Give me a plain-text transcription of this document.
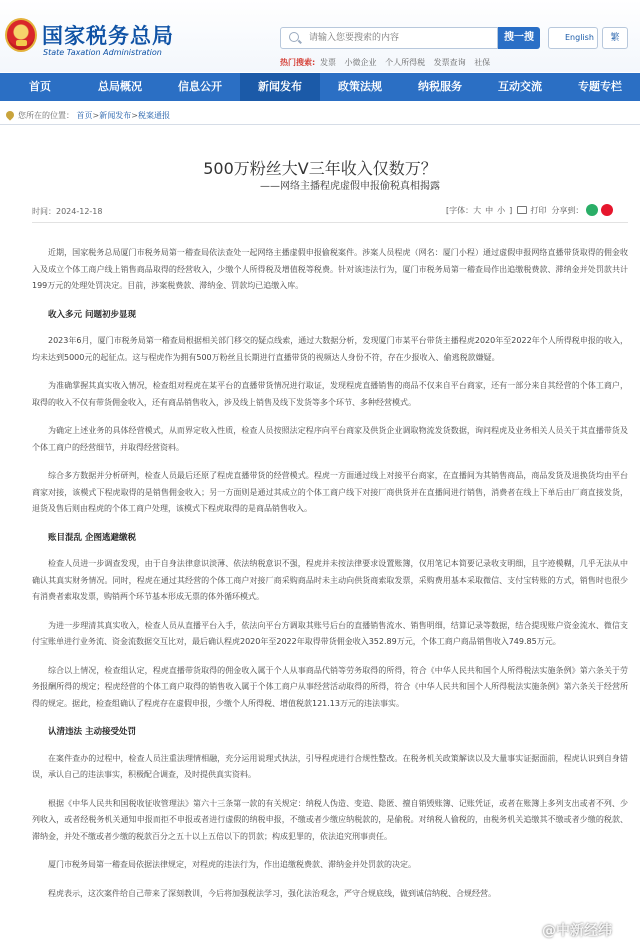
国家税务总局
State Taxation Administration
请输入您要搜索的内容
搜一搜	English	繁
热门搜索: 发票 小微企业 个人所得税 发票查询 社保
首页	总局概况	信息公开	新闻发布	政策法规	纳税服务	互动交流	专题专栏
您所在的位置： 首页>新闻发布>税案通报
500万粉丝大V三年收入仅数万？
——网络主播程虎虚假申报偷税真相揭露
时间：2024-12-18	[字体：大 中 小 ] 打印 分享到：

近期，国家税务总局厦门市税务局第一稽查局依法查处一起网络主播虚假申报偷税案件。涉案人员程虎（网名：厦门小程）通过虚假申报网络直播带货取得的佣金收入及成立个体工商户线上销售商品取得的经营收入，少缴个人所得税及增值税等税费。针对该违法行为，厦门市税务局第一稽查局作出追缴税费款、滞纳金并处罚款共计199万元的处理处罚决定。目前，涉案税费款、滞纳金、罚款均已追缴入库。

收入多元 问题初步显现

2023年6月，厦门市税务局第一稽查局根据相关部门移交的疑点线索，通过大数据分析，发现厦门市某平台带货主播程虎2020年至2022年个人所得税申报的收入，均未达到5000元的起征点。这与程虎作为拥有500万粉丝且长期进行直播带货的视频达人身份不符，存在少报收入、偷逃税款嫌疑。

为准确掌握其真实收入情况，检查组对程虎在某平台的直播带货情况进行取证，发现程虎直播销售的商品不仅来自平台商家，还有一部分来自其经营的个体工商户，取得的收入不仅有带货佣金收入，还有商品销售收入，涉及线上销售及线下发货等多个环节、多种经营模式。

为确定上述业务的具体经营模式，从而界定收入性质，检查人员按照法定程序向平台商家及供货企业调取物流发货数据，询问程虎及业务相关人员关于其直播带货及个体工商户的经营细节，并取得经营资料。

综合多方数据并分析研判，检查人员最后还原了程虎直播带货的经营模式。程虎一方面通过线上对接平台商家，在直播间为其销售商品，商品发货及退换货均由平台商家对接，该模式下程虎取得的是销售佣金收入；另一方面则是通过其成立的个体工商户线下对接厂商供货并在直播间进行销售，消费者在线上下单后由厂商直接发货，退货及售后则由程虎的个体工商户处理，该模式下程虎取得的是商品销售收入。

账目混乱 企图逃避缴税

检查人员进一步调查发现，由于自身法律意识淡薄、依法纳税意识不强，程虎并未按法律要求设置账簿，仅用笔记本简要记录收支明细，且字迹模糊，几乎无法从中确认其真实财务情况。同时，程虎在通过其经营的个体工商户对接厂商采购商品时未主动向供货商索取发票，采购费用基本采取微信、支付宝转账的方式，销售时也很少有消费者索取发票，购销两个环节基本形成无票的体外循环模式。

为进一步理清其真实收入，检查人员从直播平台入手，依法向平台方调取其账号后台的直播销售流水、销售明细，结算记录等数据，结合提现账户资金流水、微信支付宝账单进行业务流、资金流数据交互比对，最后确认程虎2020年至2022年取得带货佣金收入352.89万元，个体工商户商品销售收入749.85万元。

综合以上情况，检查组认定，程虎直播带货取得的佣金收入属于个人从事商品代销等劳务取得的所得，符合《中华人民共和国个人所得税法实施条例》第六条关于劳务报酬所得的规定；程虎经营的个体工商户取得的销售收入属于个体工商户从事经营活动取得的所得，符合《中华人民共和国个人所得税法实施条例》第六条关于经营所得的规定。据此，检查组确认了程虎存在虚假申报，少缴个人所得税、增值税款121.13万元的违法事实。

认清违法 主动接受处罚

在案件查办的过程中，检查人员注重法理情相融，充分运用说理式执法，引导程虎进行合规性整改。在税务机关政策解读以及大量事实证据面前，程虎认识到自身错误，承认自己的违法事实，积极配合调查，及时提供真实资料。

根据《中华人民共和国税收征收管理法》第六十三条第一款的有关规定：纳税人伪造、变造、隐匿、擅自销毁账簿、记账凭证，或者在账簿上多列支出或者不列、少列收入，或者经税务机关通知申报而拒不申报或者进行虚假的纳税申报，不缴或者少缴应纳税款的，是偷税。对纳税人偷税的，由税务机关追缴其不缴或者少缴的税款、滞纳金，并处不缴或者少缴的税款百分之五十以上五倍以下的罚款；构成犯罪的，依法追究刑事责任。

厦门市税务局第一稽查局依据法律规定，对程虎的违法行为，作出追缴税费款、滞纳金并处罚款的决定。

程虎表示，这次案件给自己带来了深刻教训，今后将加强税法学习，强化法治观念，严守合规底线，做到诚信纳税、合规经营。

@中新经纬
